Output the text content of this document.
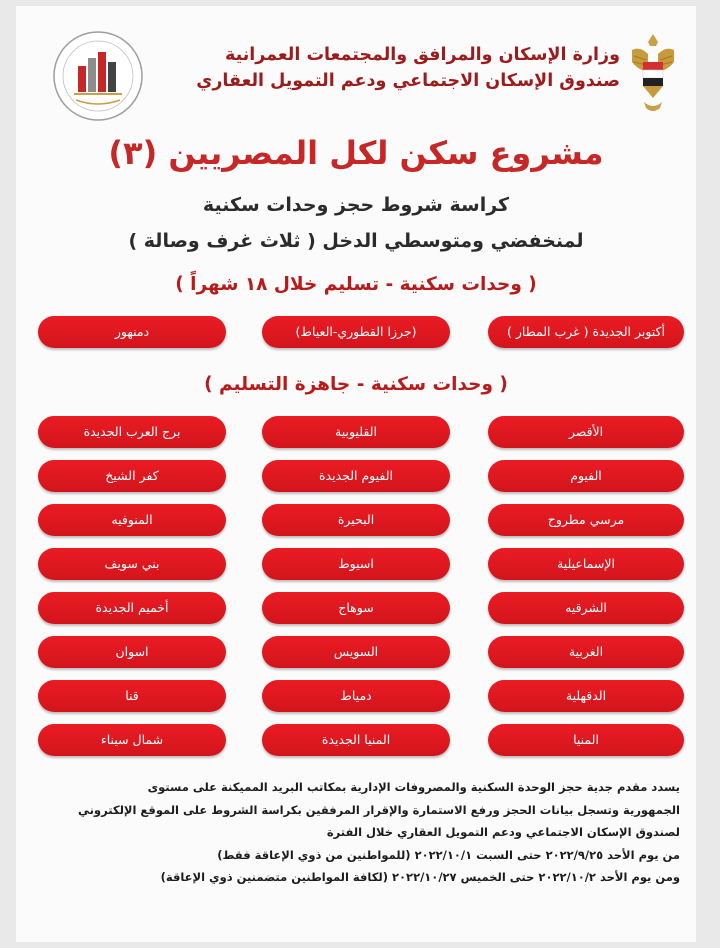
وزارة الإسكان والمرافق والمجتمعات العمرانية
صندوق الإسكان الاجتماعي ودعم التمويل العقاري
مشروع سكن لكل المصريين (٣)
كراسة شروط حجز وحدات سكنية
لمنخفضي ومتوسطي الدخل ( ثلاث غرف وصالة )
( وحدات سكنية - تسليم خلال ١٨ شهراً )
أكتوبر الجديدة ( غرب المطار )
(جرزا القطوري-العياط)
دمنهور
( وحدات سكنية - جاهزة التسليم )
الأقصر
القليوبية
برج العرب الجديدة
الفيوم
الفيوم الجديدة
كفر الشيخ
مرسي مطروح
البحيرة
المنوفيه
الإسماعيلية
اسيوط
بني سويف
الشرقيه
سوهاج
أخميم الجديدة
الغربية
السويس
اسوان
الدقهلية
دمياط
قنا
المنيا
المنيا الجديدة
شمال سيناء

يسدد مقدم جدية حجز الوحدة السكنية والمصروفات الإدارية بمكاتب البريد المميكنة على مستوى

الجمهورية وتسجل بيانات الحجز ورفع الاستمارة والإقرار المرفقين بكراسة الشروط على الموقع الإلكتروني

لصندوق الإسكان الاجتماعي ودعم التمويل العقاري خلال الفترة

من يوم الأحد ٢٠٢٢/٩/٢٥ حتى السبت ٢٠٢٢/١٠/١ (للمواطنين من ذوي الإعاقة فقط)

ومن يوم الأحد ٢٠٢٢/١٠/٢ حتى الخميس ٢٠٢٢/١٠/٢٧ (لكافة المواطنين متضمنين ذوي الإعاقة)
